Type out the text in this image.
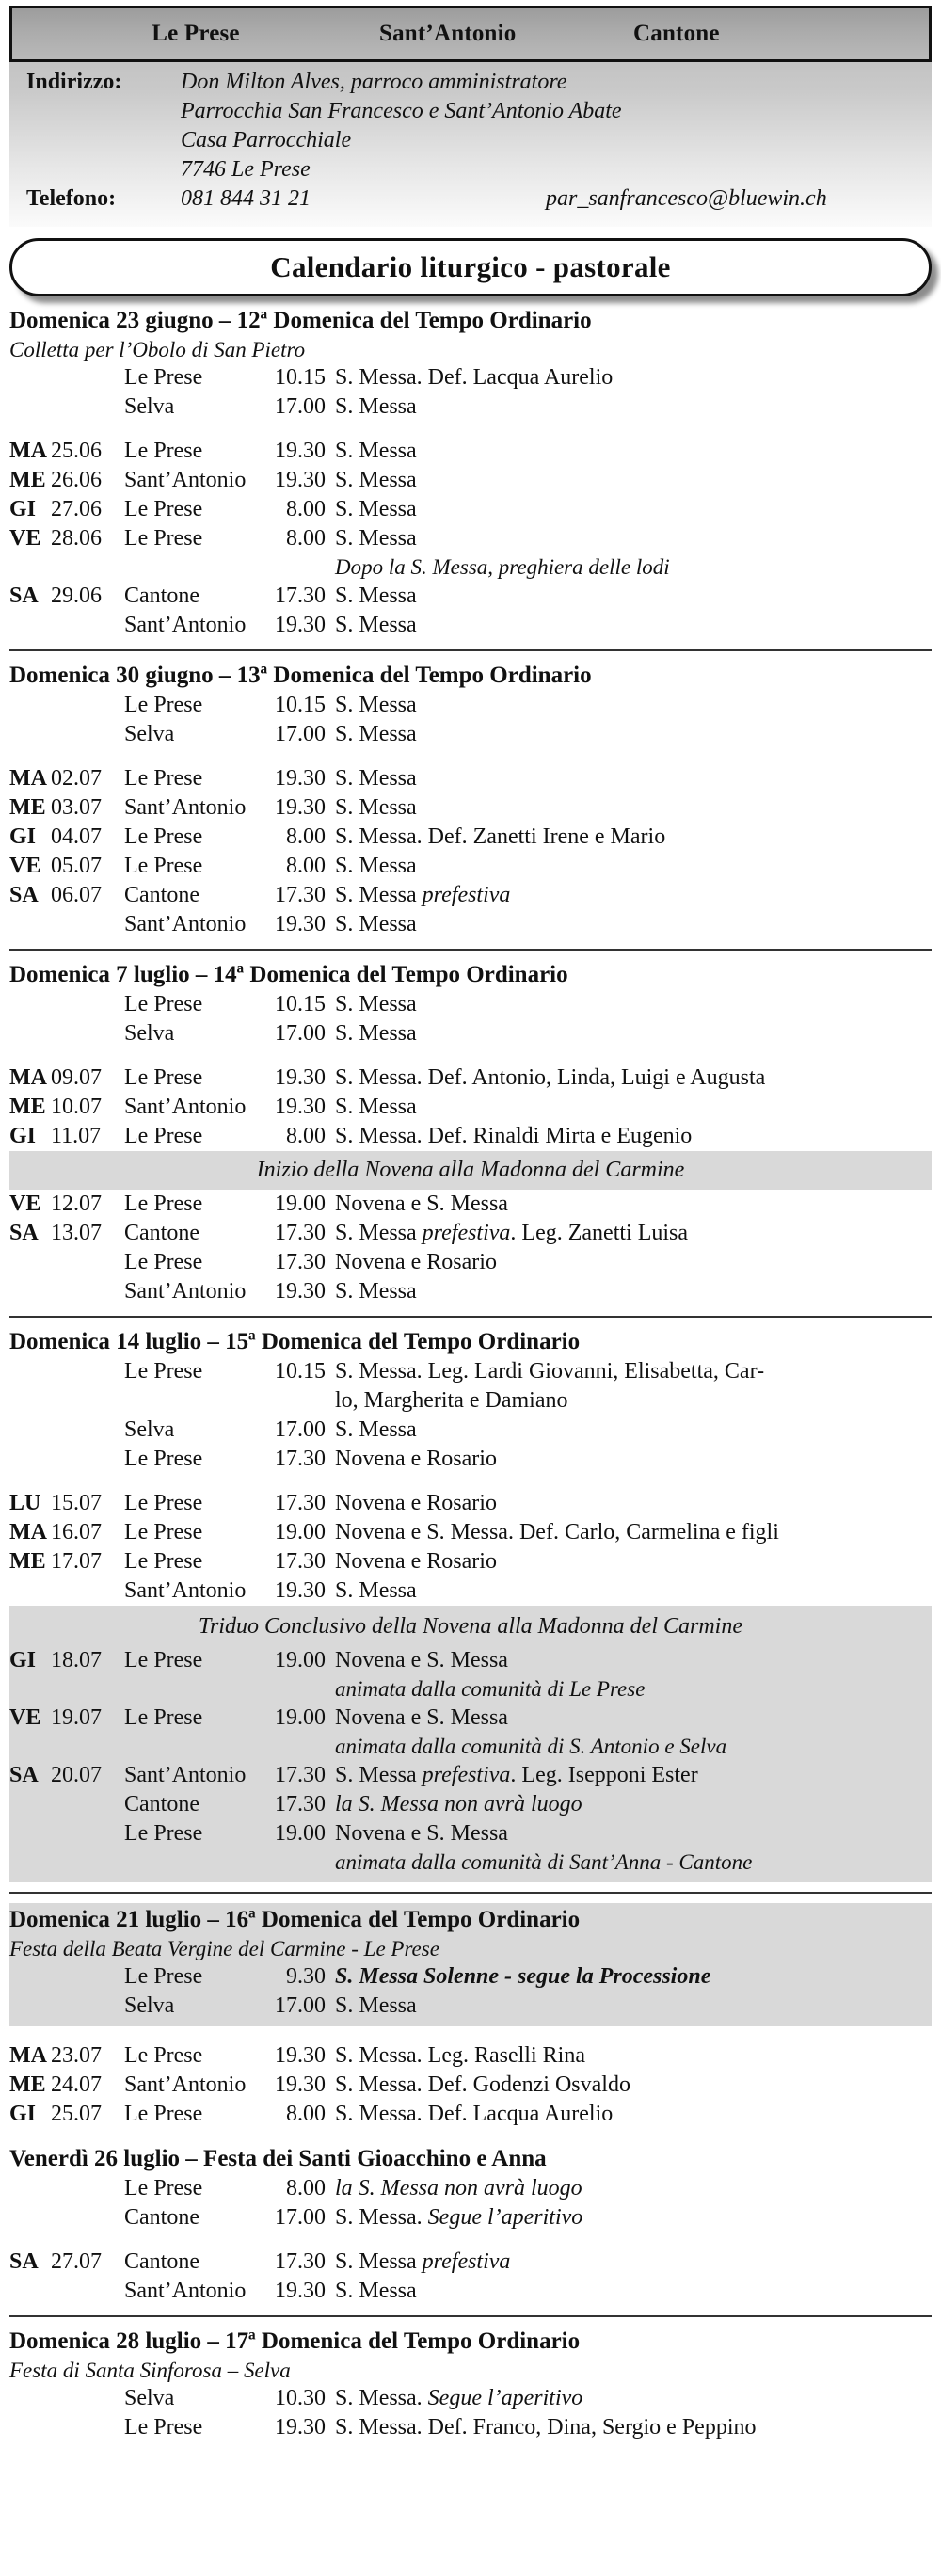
Le Prese	Sant’Antonio	Cantone
Indirizzo:	Don Milton Alves, parroco amministratore
Parrocchia San Francesco e Sant’Antonio Abate
Casa Parrocchiale
7746 Le Prese
Telefono:	081 844 31 21	par_sanfrancesco@bluewin.ch
Calendario liturgico - pastorale
Domenica 23 giugno – 12ª Domenica del Tempo Ordinario
Colletta per l’Obolo di San Pietro
Le Prese	10.15 S. Messa. Def. Lacqua Aurelio
Selva	17.00 S. Messa
MA 25.06	Le Prese	19.30 S. Messa
ME 26.06	Sant’Antonio	19.30 S. Messa
GI 27.06	Le Prese	8.00 S. Messa
VE 28.06	Le Prese	8.00 S. Messa
Dopo la S. Messa, preghiera delle lodi
SA 29.06	Cantone	17.30 S. Messa
Sant’Antonio	19.30 S. Messa
Domenica 30 giugno – 13ª Domenica del Tempo Ordinario
Le Prese	10.15 S. Messa
Selva	17.00 S. Messa
MA 02.07	Le Prese	19.30 S. Messa
ME 03.07	Sant’Antonio	19.30 S. Messa
GI 04.07	Le Prese	8.00 S. Messa. Def. Zanetti Irene e Mario
VE 05.07	Le Prese	8.00 S. Messa
SA 06.07	Cantone	17.30 S. Messa prefestiva
Sant’Antonio	19.30 S. Messa
Domenica 7 luglio – 14ª Domenica del Tempo Ordinario
Le Prese	10.15 S. Messa
Selva	17.00 S. Messa
MA 09.07	Le Prese	19.30 S. Messa. Def. Antonio, Linda, Luigi e Augusta
ME 10.07	Sant’Antonio	19.30 S. Messa
GI 11.07	Le Prese	8.00 S. Messa. Def. Rinaldi Mirta e Eugenio
Inizio della Novena alla Madonna del Carmine
VE 12.07	Le Prese	19.00 Novena e S. Messa
SA 13.07	Cantone	17.30 S. Messa prefestiva. Leg. Zanetti Luisa
Le Prese	17.30 Novena e Rosario
Sant’Antonio	19.30 S. Messa
Domenica 14 luglio – 15ª Domenica del Tempo Ordinario
Le Prese	10.15 S. Messa. Leg. Lardi Giovanni, Elisabetta, Car-
lo, Margherita e Damiano
Selva	17.00 S. Messa
Le Prese	17.30 Novena e Rosario
LU 15.07	Le Prese	17.30 Novena e Rosario
MA 16.07	Le Prese	19.00 Novena e S. Messa. Def. Carlo, Carmelina e figli
ME 17.07	Le Prese	17.30 Novena e Rosario
Sant’Antonio	19.30 S. Messa
Triduo Conclusivo della Novena alla Madonna del Carmine
GI 18.07	Le Prese	19.00 Novena e S. Messa
animata dalla comunità di Le Prese
VE 19.07	Le Prese	19.00 Novena e S. Messa
animata dalla comunità di S. Antonio e Selva
SA 20.07	Sant’Antonio	17.30 S. Messa prefestiva. Leg. Isepponi Ester
Cantone	17.30 la S. Messa non avrà luogo
Le Prese	19.00 Novena e S. Messa
animata dalla comunità di Sant’Anna - Cantone
Domenica 21 luglio – 16ª Domenica del Tempo Ordinario
Festa della Beata Vergine del Carmine - Le Prese
Le Prese	9.30 S. Messa Solenne - segue la Processione
Selva	17.00 S. Messa
MA 23.07	Le Prese	19.30 S. Messa. Leg. Raselli Rina
ME 24.07	Sant’Antonio	19.30 S. Messa. Def. Godenzi Osvaldo
GI 25.07	Le Prese	8.00 S. Messa. Def. Lacqua Aurelio
Venerdì 26 luglio – Festa dei Santi Gioacchino e Anna
Le Prese	8.00 la S. Messa non avrà luogo
Cantone	17.00 S. Messa. Segue l’aperitivo
SA 27.07	Cantone	17.30 S. Messa prefestiva
Sant’Antonio	19.30 S. Messa
Domenica 28 luglio – 17ª Domenica del Tempo Ordinario
Festa di Santa Sinforosa – Selva
Selva	10.30 S. Messa. Segue l’aperitivo
Le Prese	19.30 S. Messa. Def. Franco, Dina, Sergio e Peppino
